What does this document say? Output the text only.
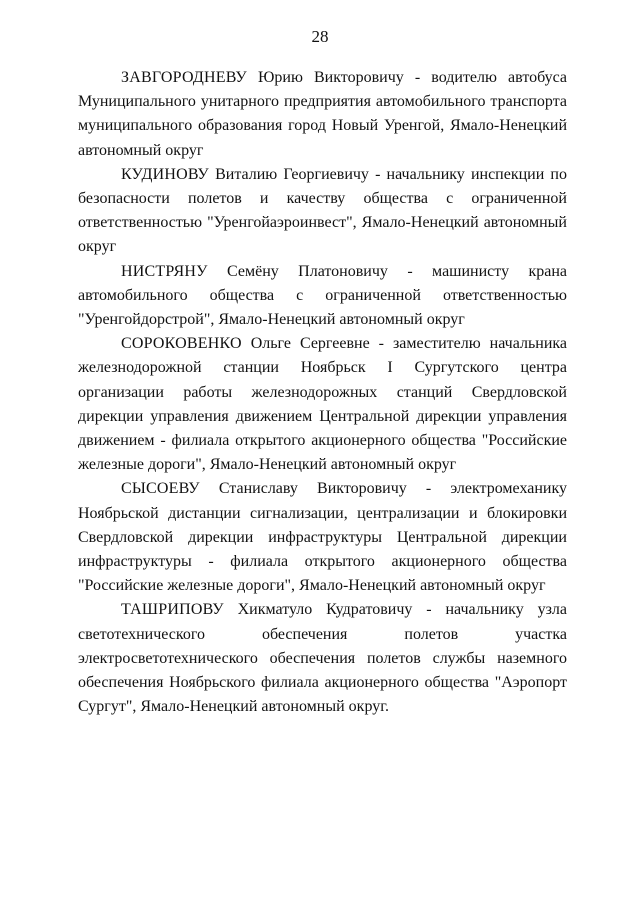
28

ЗАВГОРОДНЕВУ Юрию Викторовичу - водителю автобуса Муниципального унитарного предприятия автомобильного транспорта муниципального образования город Новый Уренгой, Ямало-Ненецкий автономный округ

КУДИНОВУ Виталию Георгиевичу - начальнику инспекции по безопасности полетов и качеству общества с ограниченной ответственностью "Уренгойаэроинвест", Ямало-Ненецкий автономный округ

НИСТРЯНУ Семёну Платоновичу - машинисту крана автомобильного общества с ограниченной ответственностью "Уренгойдорстрой", Ямало-Ненецкий автономный округ

СОРОКОВЕНКО Ольге Сергеевне - заместителю начальника железнодорожной станции Ноябрьск I Сургутского центра организации работы железнодорожных станций Свердловской дирекции управления движением Центральной дирекции управления движением - филиала открытого акционерного общества "Российские железные дороги", Ямало-Ненецкий автономный округ

СЫСОЕВУ Станиславу Викторовичу - электромеханику Ноябрьской дистанции сигнализации, централизации и блокировки Свердловской дирекции инфраструктуры Центральной дирекции инфраструктуры - филиала открытого акционерного общества "Российские железные дороги", Ямало-Ненецкий автономный округ

ТАШРИПОВУ Хикматуло Кудратовичу - начальнику узла светотехнического обеспечения полетов участка электросветотехнического обеспечения полетов службы наземного обеспечения Ноябрьского филиала акционерного общества "Аэропорт Сургут", Ямало-Ненецкий автономный округ.
